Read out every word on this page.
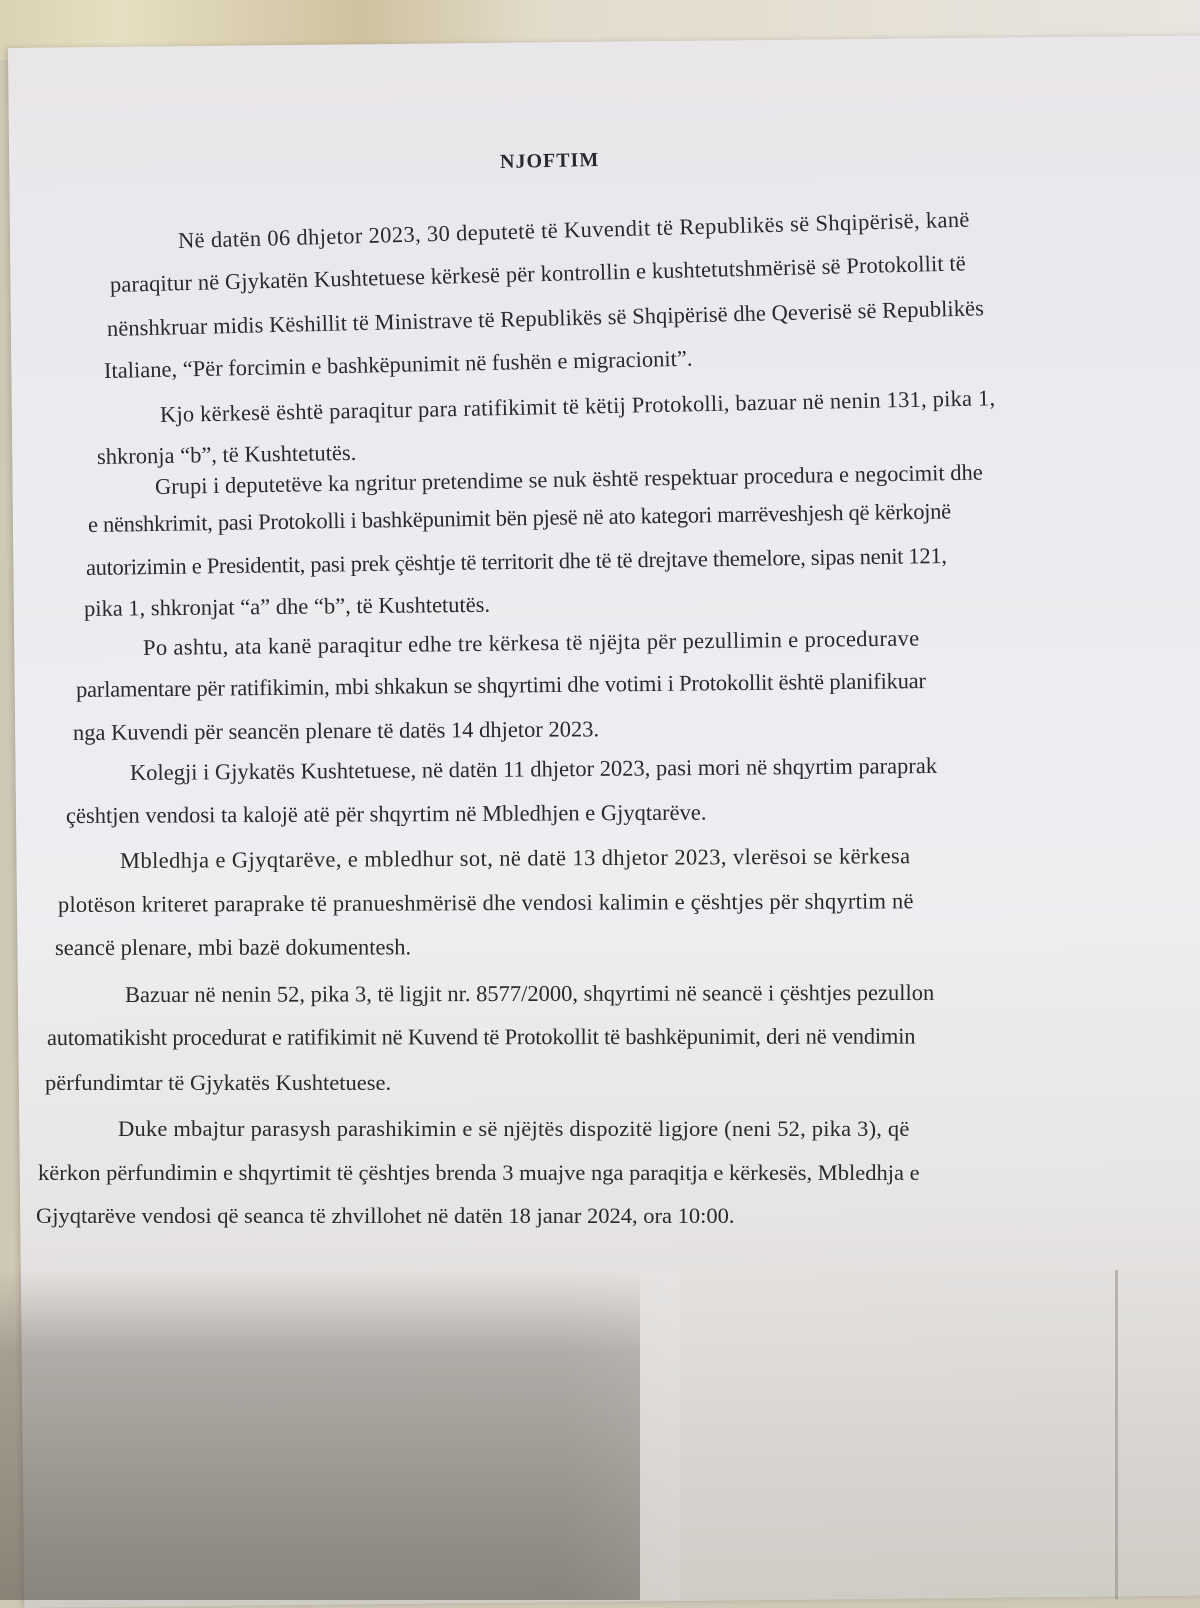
NJOFTIM
Në datën 06 dhjetor 2023, 30 deputetë të Kuvendit të Republikës së Shqipërisë, kanë
paraqitur në Gjykatën Kushtetuese kërkesë për kontrollin e kushtetutshmërisë së Protokollit të
nënshkruar midis Këshillit të Ministrave të Republikës së Shqipërisë dhe Qeverisë së Republikës
Italiane, “Për forcimin e bashkëpunimit në fushën e migracionit”.
Kjo kërkesë është paraqitur para ratifikimit të këtij Protokolli, bazuar në nenin 131, pika 1,
shkronja “b”, të Kushtetutës.
Grupi i deputetëve ka ngritur pretendime se nuk është respektuar procedura e negocimit dhe
e nënshkrimit, pasi Protokolli i bashkëpunimit bën pjesë në ato kategori marrëveshjesh që kërkojnë
autorizimin e Presidentit, pasi prek çështje të territorit dhe të të drejtave themelore, sipas nenit 121,
pika 1, shkronjat “a” dhe “b”, të Kushtetutës.
Po ashtu, ata kanë paraqitur edhe tre kërkesa të njëjta për pezullimin e procedurave
parlamentare për ratifikimin, mbi shkakun se shqyrtimi dhe votimi i Protokollit është planifikuar
nga Kuvendi për seancën plenare të datës 14 dhjetor 2023.
Kolegji i Gjykatës Kushtetuese, në datën 11 dhjetor 2023, pasi mori në shqyrtim paraprak
çështjen vendosi ta kalojë atë për shqyrtim në Mbledhjen e Gjyqtarëve.
Mbledhja e Gjyqtarëve, e mbledhur sot, në datë 13 dhjetor 2023, vlerësoi se kërkesa
plotëson kriteret paraprake të pranueshmërisë dhe vendosi kalimin e çështjes për shqyrtim në
seancë plenare, mbi bazë dokumentesh.
Bazuar në nenin 52, pika 3, të ligjit nr. 8577/2000, shqyrtimi në seancë i çështjes pezullon
automatikisht procedurat e ratifikimit në Kuvend të Protokollit të bashkëpunimit, deri në vendimin
përfundimtar të Gjykatës Kushtetuese.
Duke mbajtur parasysh parashikimin e së njëjtës dispozitë ligjore (neni 52, pika 3), që
kërkon përfundimin e shqyrtimit të çështjes brenda 3 muajve nga paraqitja e kërkesës, Mbledhja e
Gjyqtarëve vendosi që seanca të zhvillohet në datën 18 janar 2024, ora 10:00.
